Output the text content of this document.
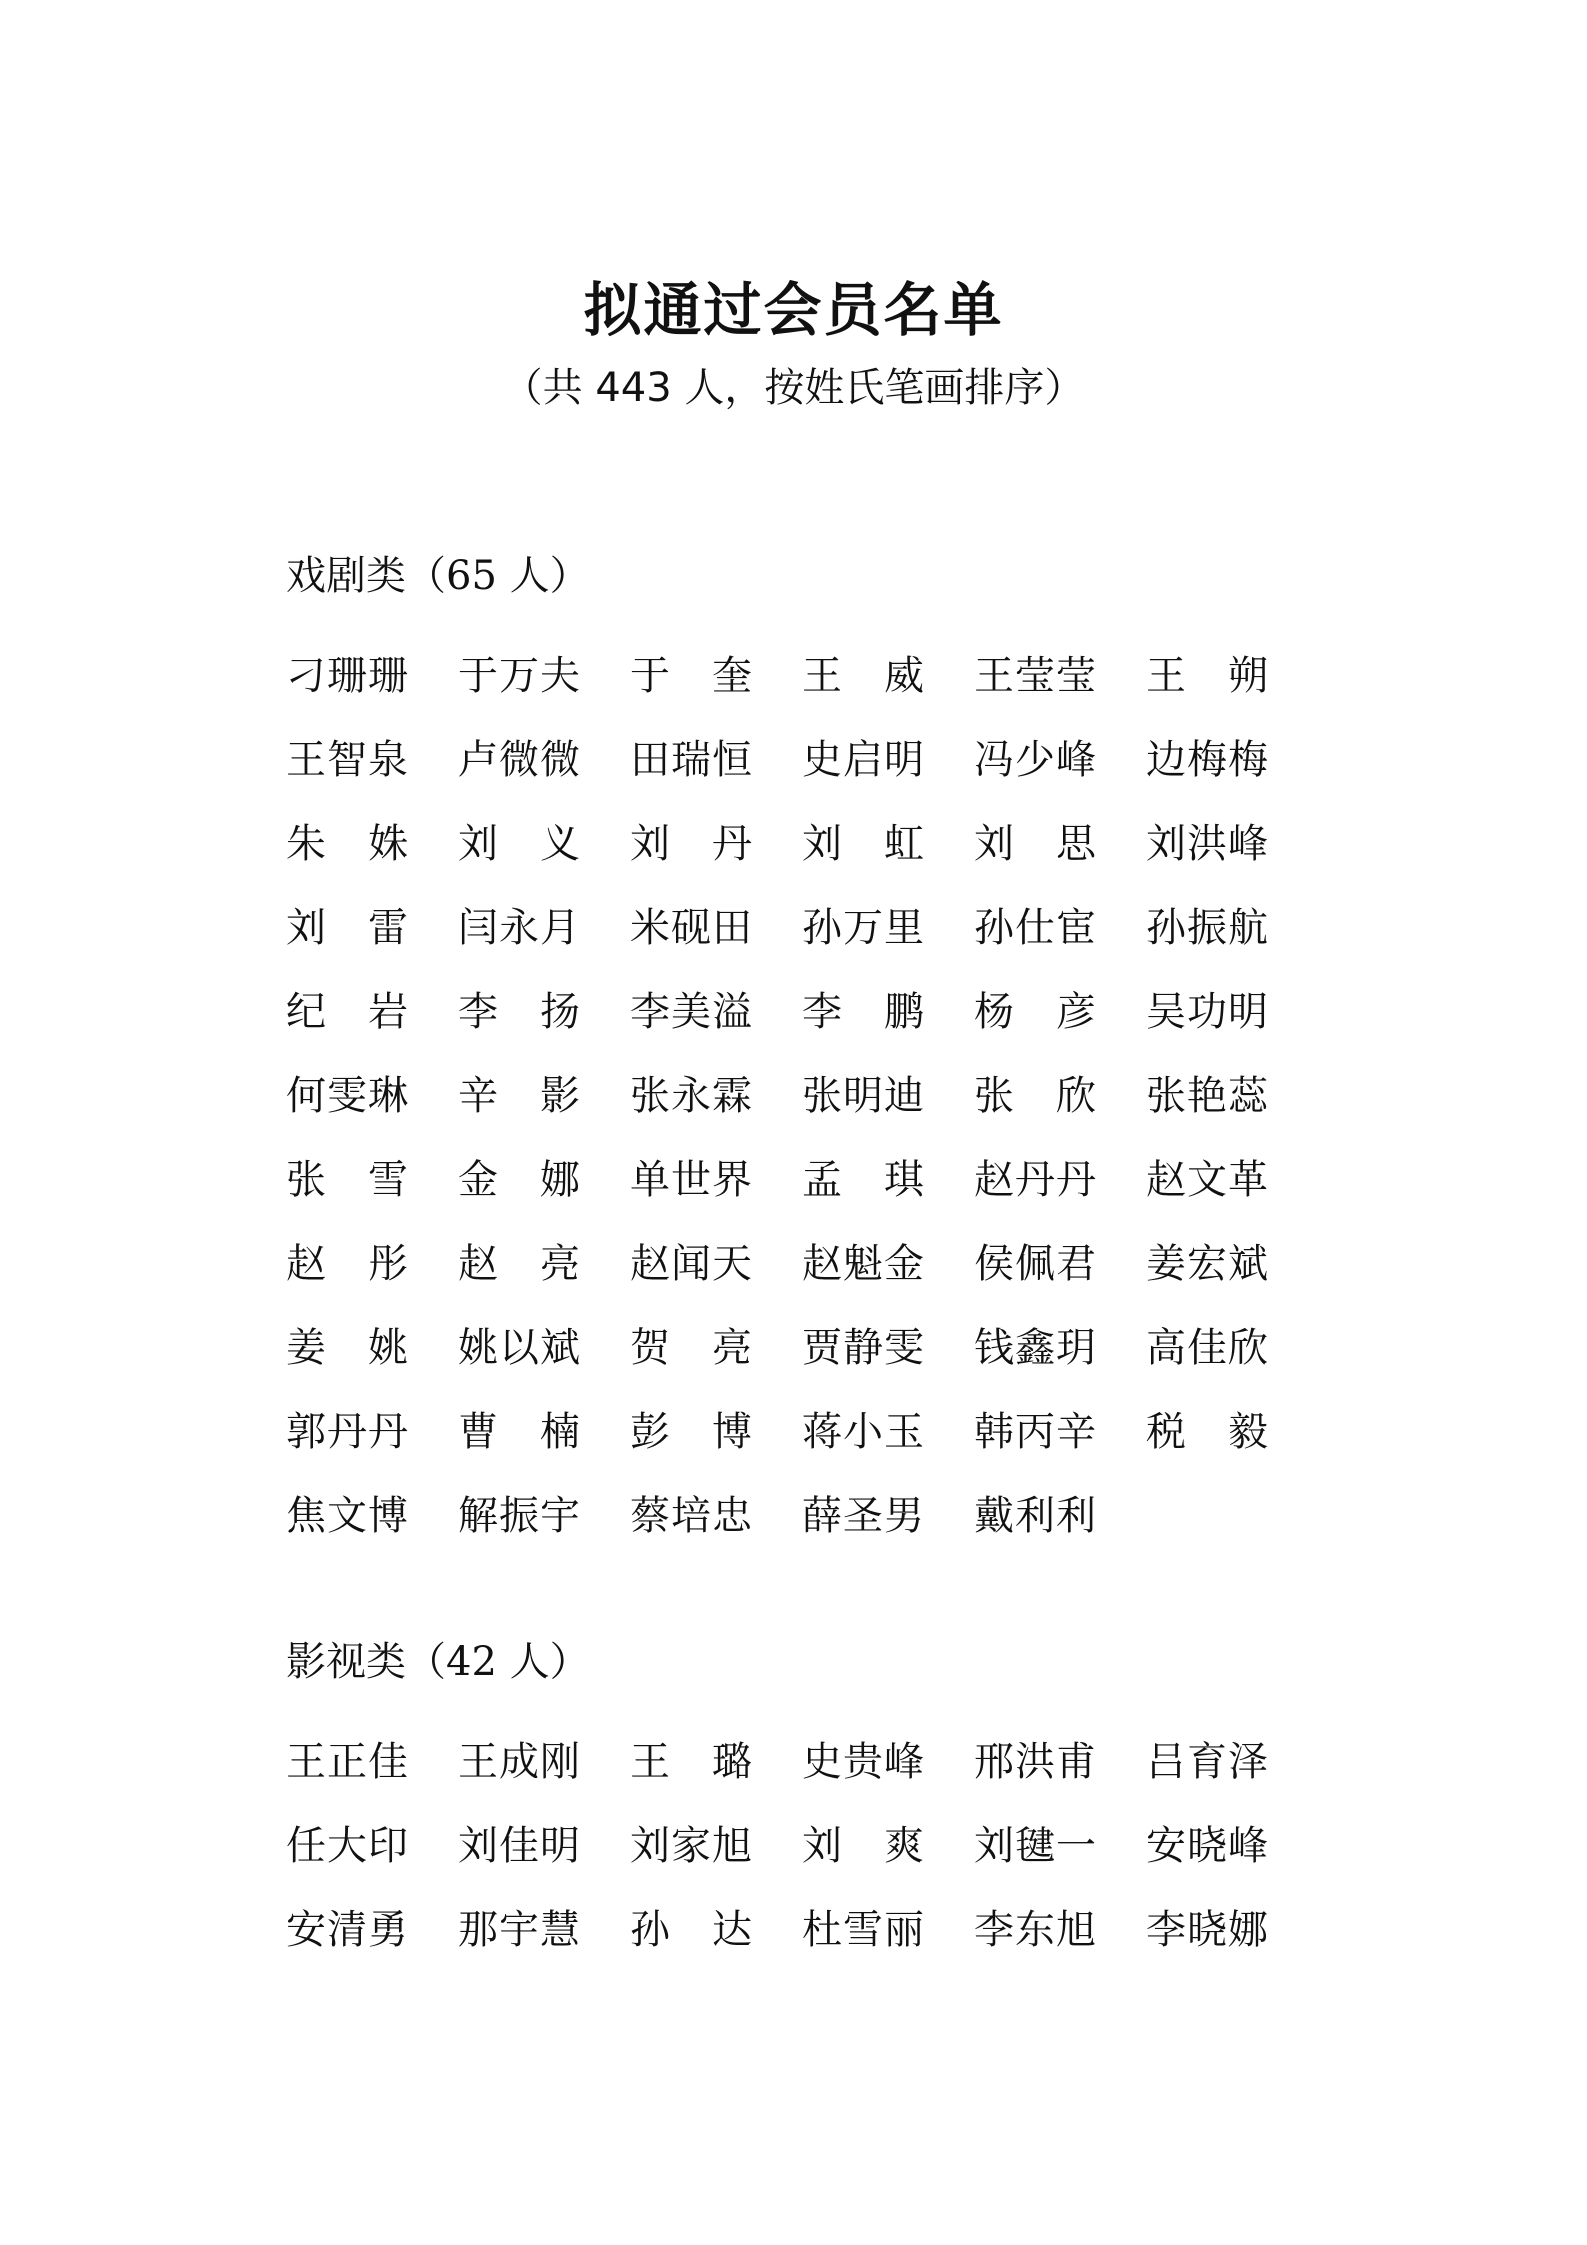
拟通过会员名单
（共 443 人，按姓氏笔画排序）
戏剧类（65 人）
刁 珊 珊 于 万 夫 于 奎 王 威 王 莹 莹 王 朔
王 智 泉 卢 微 微 田 瑞 恒 史 启 明 冯 少 峰 边 梅 梅
朱 姝 刘 义 刘 丹 刘 虹 刘 思 刘 洪 峰
刘 雷 闫 永 月 米 砚 田 孙 万 里 孙 仕 宦 孙 振 航
纪 岩 李 扬 李 美 溢 李 鹏 杨 彦 吴 功 明
何 雯 琳 辛 影 张 永 霖 张 明 迪 张 欣 张 艳 蕊
张 雪 金 娜 单 世 界 孟 琪 赵 丹 丹 赵 文 革
赵 彤 赵 亮 赵 闻 天 赵 魁 金 侯 佩 君 姜 宏 斌
姜 姚 姚 以 斌 贺 亮 贾 静 雯 钱 鑫 玥 高 佳 欣
郭 丹 丹 曹 楠 彭 博 蒋 小 玉 韩 丙 辛 税 毅
焦 文 博 解 振 宇 蔡 培 忠 薛 圣 男 戴 利 利
影视类（42 人）
王 正 佳 王 成 刚 王 璐 史 贵 峰 邢 洪 甫 吕 育 泽
任 大 印 刘 佳 明 刘 家 旭 刘 爽 刘 毽 一 安 晓 峰
安 清 勇 那 宇 慧 孙 达 杜 雪 丽 李 东 旭 李 晓 娜
